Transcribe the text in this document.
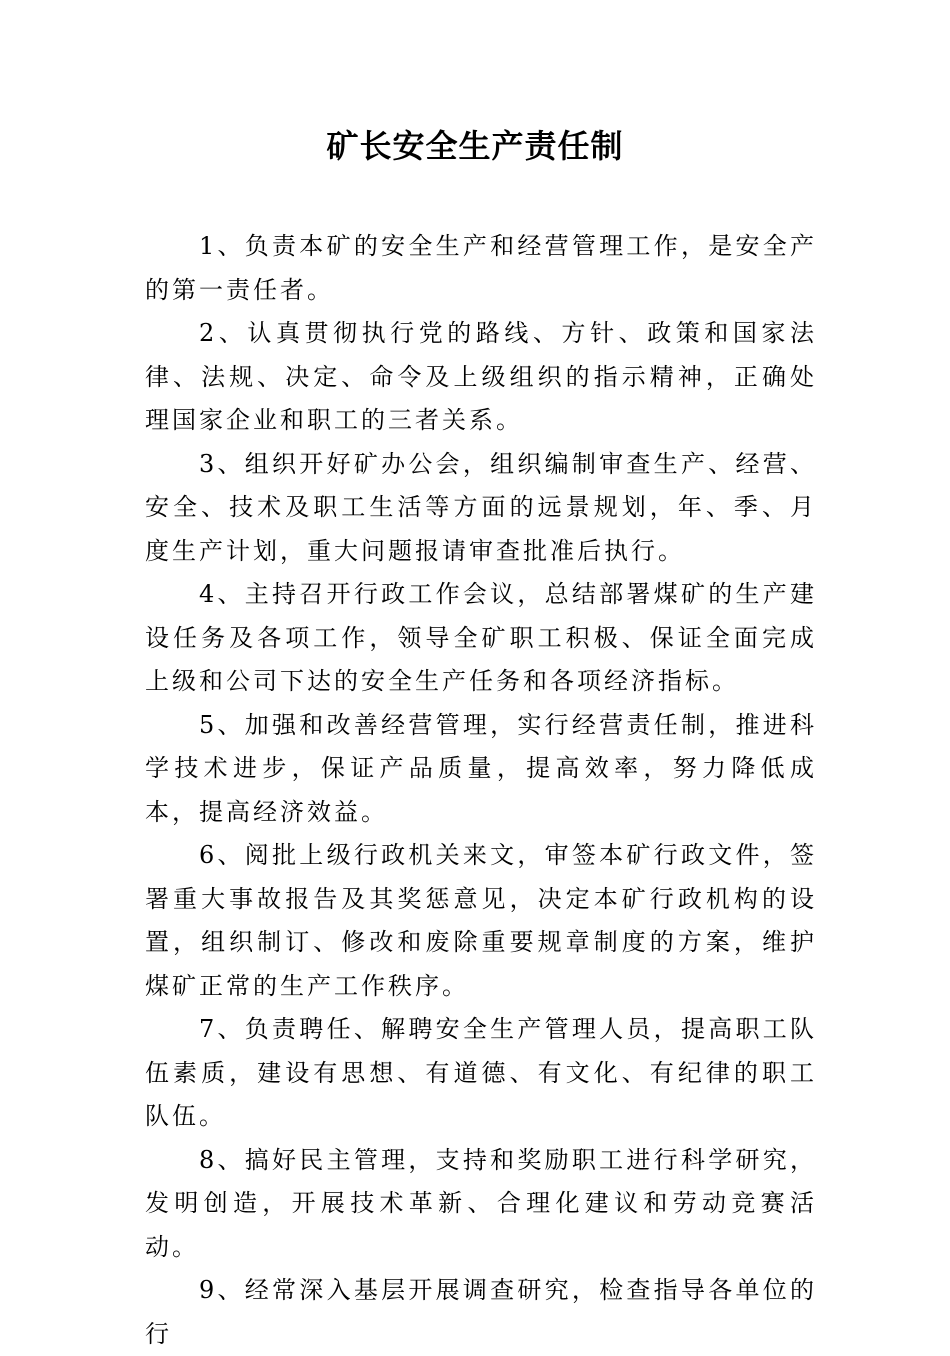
矿长安全生产责任制

1、负责本矿的安全生产和经营管理工作，是安全产的第一责任者。

2、认真贯彻执行党的路线、方针、政策和国家法律、法规、决定、命令及上级组织的指示精神，正确处理国家企业和职工的三者关系。

3、组织开好矿办公会，组织编制审查生产、经营、安全、技术及职工生活等方面的远景规划，年、季、月度生产计划，重大问题报请审查批准后执行。

4、主持召开行政工作会议，总结部署煤矿的生产建设任务及各项工作，领导全矿职工积极、保证全面完成上级和公司下达的安全生产任务和各项经济指标。

5、加强和改善经营管理，实行经营责任制，推进科学技术进步，保证产品质量，提高效率，努力降低成本，提高经济效益。

6、阅批上级行政机关来文，审签本矿行政文件，签署重大事故报告及其奖惩意见，决定本矿行政机构的设置，组织制订、修改和废除重要规章制度的方案，维护煤矿正常的生产工作秩序。

7、负责聘任、解聘安全生产管理人员，提高职工队伍素质，建设有思想、有道德、有文化、有纪律的职工队伍。

8、搞好民主管理，支持和奖励职工进行科学研究，发明创造，开展技术革新、合理化建议和劳动竞赛活动。

9、经常深入基层开展调查研究，检查指导各单位的行
